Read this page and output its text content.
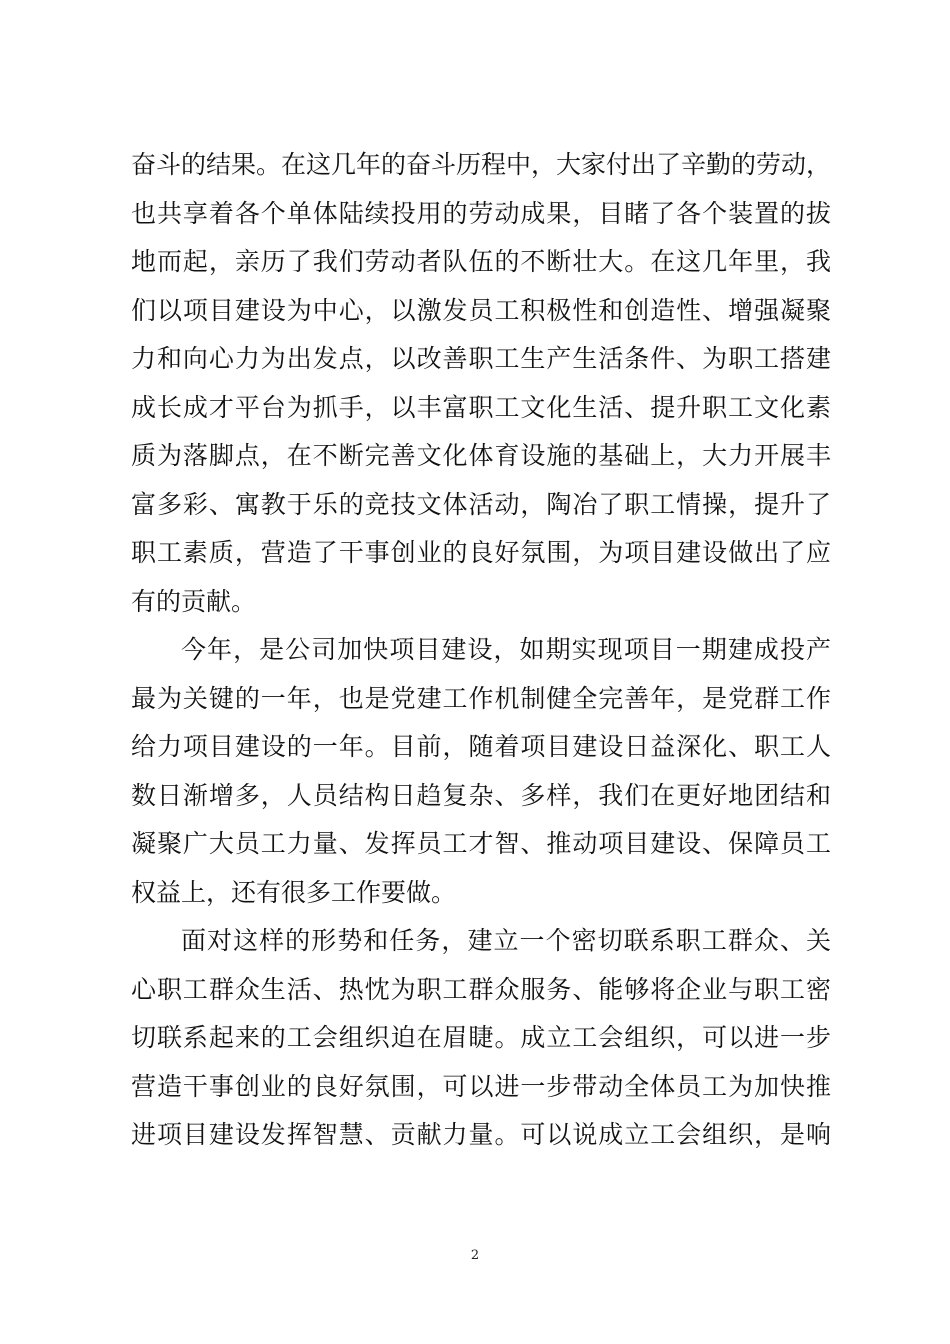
奋斗的结果。在这几年的奋斗历程中，大家付出了辛勤的劳动，
也共享着各个单体陆续投用的劳动成果，目睹了各个装置的拔
地而起，亲历了我们劳动者队伍的不断壮大。在这几年里，我
们以项目建设为中心，以激发员工积极性和创造性、增强凝聚
力和向心力为出发点，以改善职工生产生活条件、为职工搭建
成长成才平台为抓手，以丰富职工文化生活、提升职工文化素
质为落脚点，在不断完善文化体育设施的基础上，大力开展丰
富多彩、寓教于乐的竞技文体活动，陶冶了职工情操，提升了
职工素质，营造了干事创业的良好氛围，为项目建设做出了应
有的贡献。
今年，是公司加快项目建设，如期实现项目一期建成投产
最为关键的一年，也是党建工作机制健全完善年，是党群工作
给力项目建设的一年。目前，随着项目建设日益深化、职工人
数日渐增多，人员结构日趋复杂、多样，我们在更好地团结和
凝聚广大员工力量、发挥员工才智、推动项目建设、保障员工
权益上，还有很多工作要做。
面对这样的形势和任务，建立一个密切联系职工群众、关
心职工群众生活、热忱为职工群众服务、能够将企业与职工密
切联系起来的工会组织迫在眉睫。成立工会组织，可以进一步
营造干事创业的良好氛围，可以进一步带动全体员工为加快推
进项目建设发挥智慧、贡献力量。可以说成立工会组织，是响
2
